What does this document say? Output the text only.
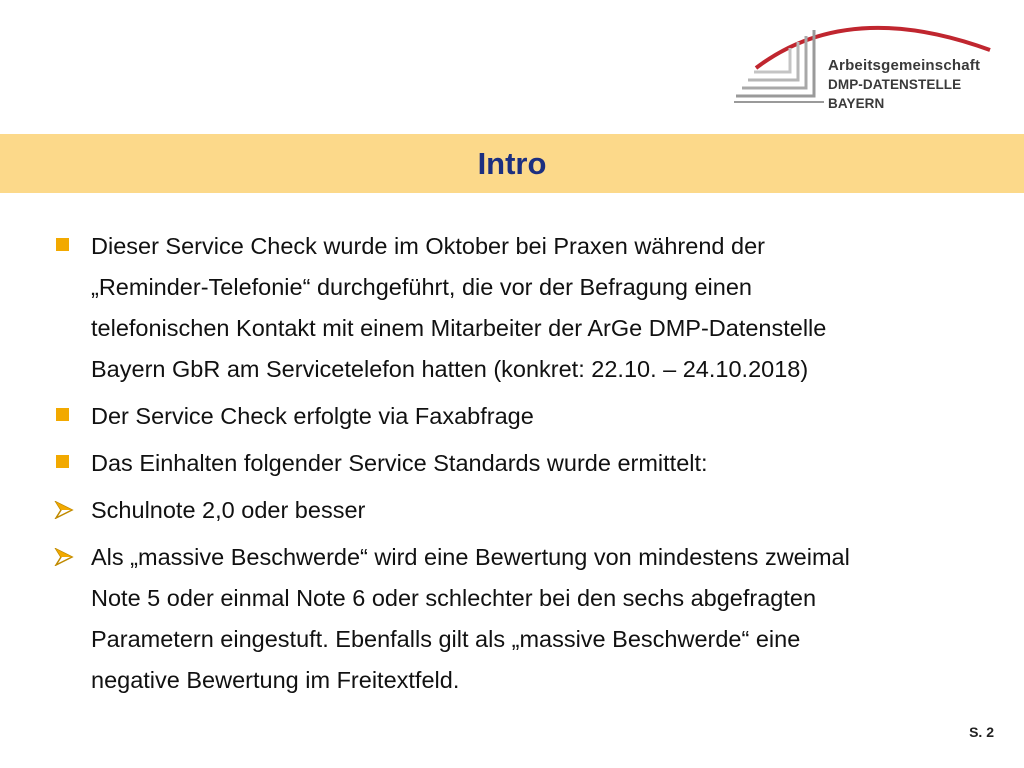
Arbeitsgemeinschaft
DMP-DATENSTELLE BAYERN
Intro
Dieser Service Check wurde im Oktober bei Praxen während der
„Reminder-Telefonie“ durchgeführt, die vor der Befragung einen
telefonischen Kontakt mit einem Mitarbeiter der ArGe DMP-Datenstelle
Bayern GbR am Servicetelefon hatten (konkret: 22.10. – 24.10.2018)
Der Service Check erfolgte via Faxabfrage
Das Einhalten folgender Service Standards wurde ermittelt:
Schulnote 2,0 oder besser
Als „massive Beschwerde“ wird eine Bewertung von mindestens zweimal
Note 5 oder einmal Note 6 oder schlechter bei den sechs abgefragten
Parametern eingestuft. Ebenfalls gilt als „massive Beschwerde“ eine
negative Bewertung im Freitextfeld.
S. 2
